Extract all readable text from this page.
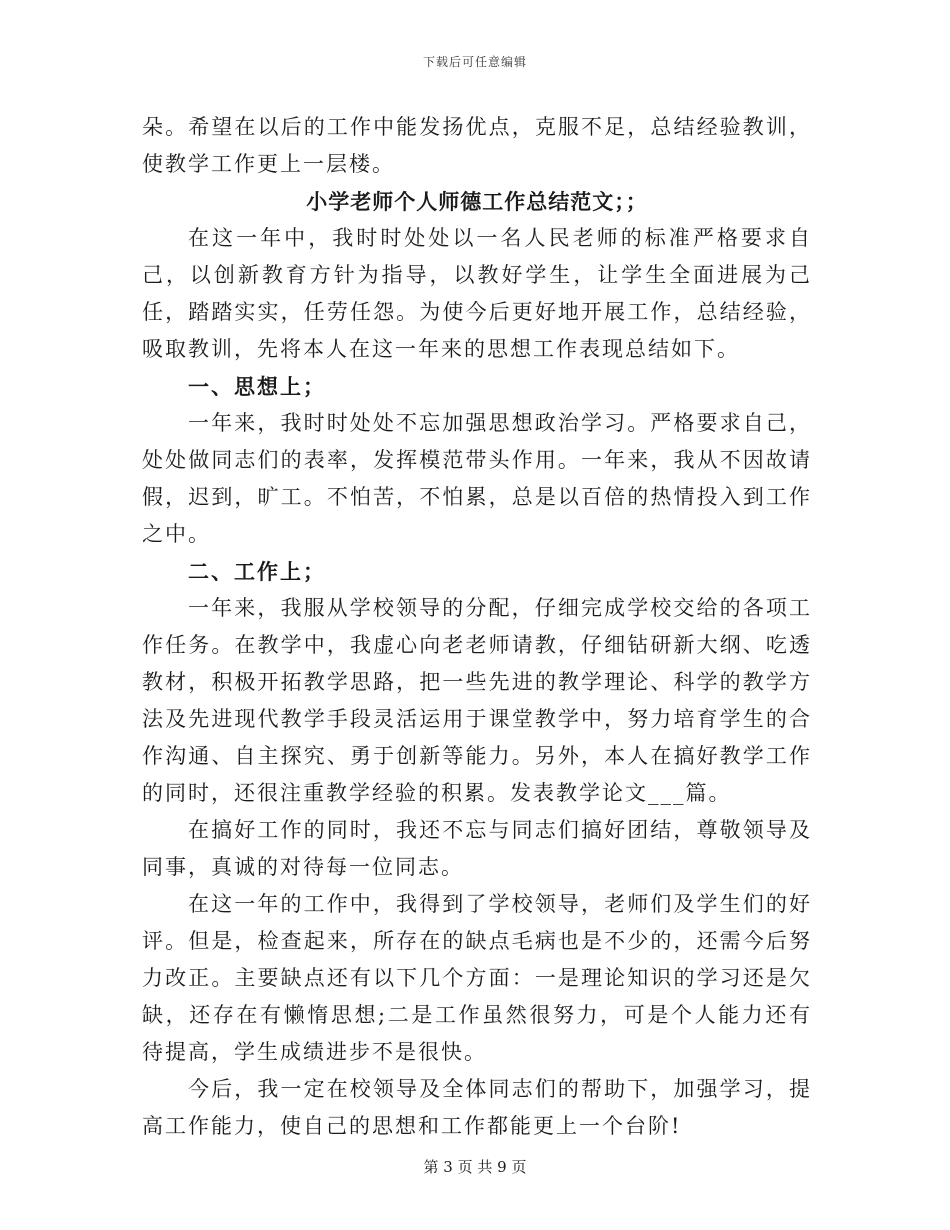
下载后可任意编辑

朵。希望在以后的工作中能发扬优点，克服不足，总结经验教训，使教学工作更上一层楼。

小学老师个人师德工作总结范文；；

在这一年中，我时时处处以一名人民老师的标准严格要求自己，以创新教育方针为指导，以教好学生，让学生全面进展为己任，踏踏实实，任劳任怨。为使今后更好地开展工作，总结经验，吸取教训，先将本人在这一年来的思想工作表现总结如下。

一、思想上；

一年来，我时时处处不忘加强思想政治学习。严格要求自己，处处做同志们的表率，发挥模范带头作用。一年来，我从不因故请假，迟到，旷工。不怕苦，不怕累，总是以百倍的热情投入到工作之中。

二、工作上；

一年来，我服从学校领导的分配，仔细完成学校交给的各项工作任务。在教学中，我虚心向老老师请教，仔细钻研新大纲、吃透教材，积极开拓教学思路，把一些先进的教学理论、科学的教学方法及先进现代教学手段灵活运用于课堂教学中，努力培育学生的合作沟通、自主探究、勇于创新等能力。另外，本人在搞好教学工作的同时，还很注重教学经验的积累。发表教学论文___篇。

在搞好工作的同时，我还不忘与同志们搞好团结，尊敬领导及同事，真诚的对待每一位同志。

在这一年的工作中，我得到了学校领导，老师们及学生们的好评。但是，检查起来，所存在的缺点毛病也是不少的，还需今后努力改正。主要缺点还有以下几个方面：一是理论知识的学习还是欠缺，还存在有懒惰思想;二是工作虽然很努力，可是个人能力还有待提高，学生成绩进步不是很快。

今后，我一定在校领导及全体同志们的帮助下，加强学习，提高工作能力，使自己的思想和工作都能更上一个台阶!

第 3 页 共 9 页
